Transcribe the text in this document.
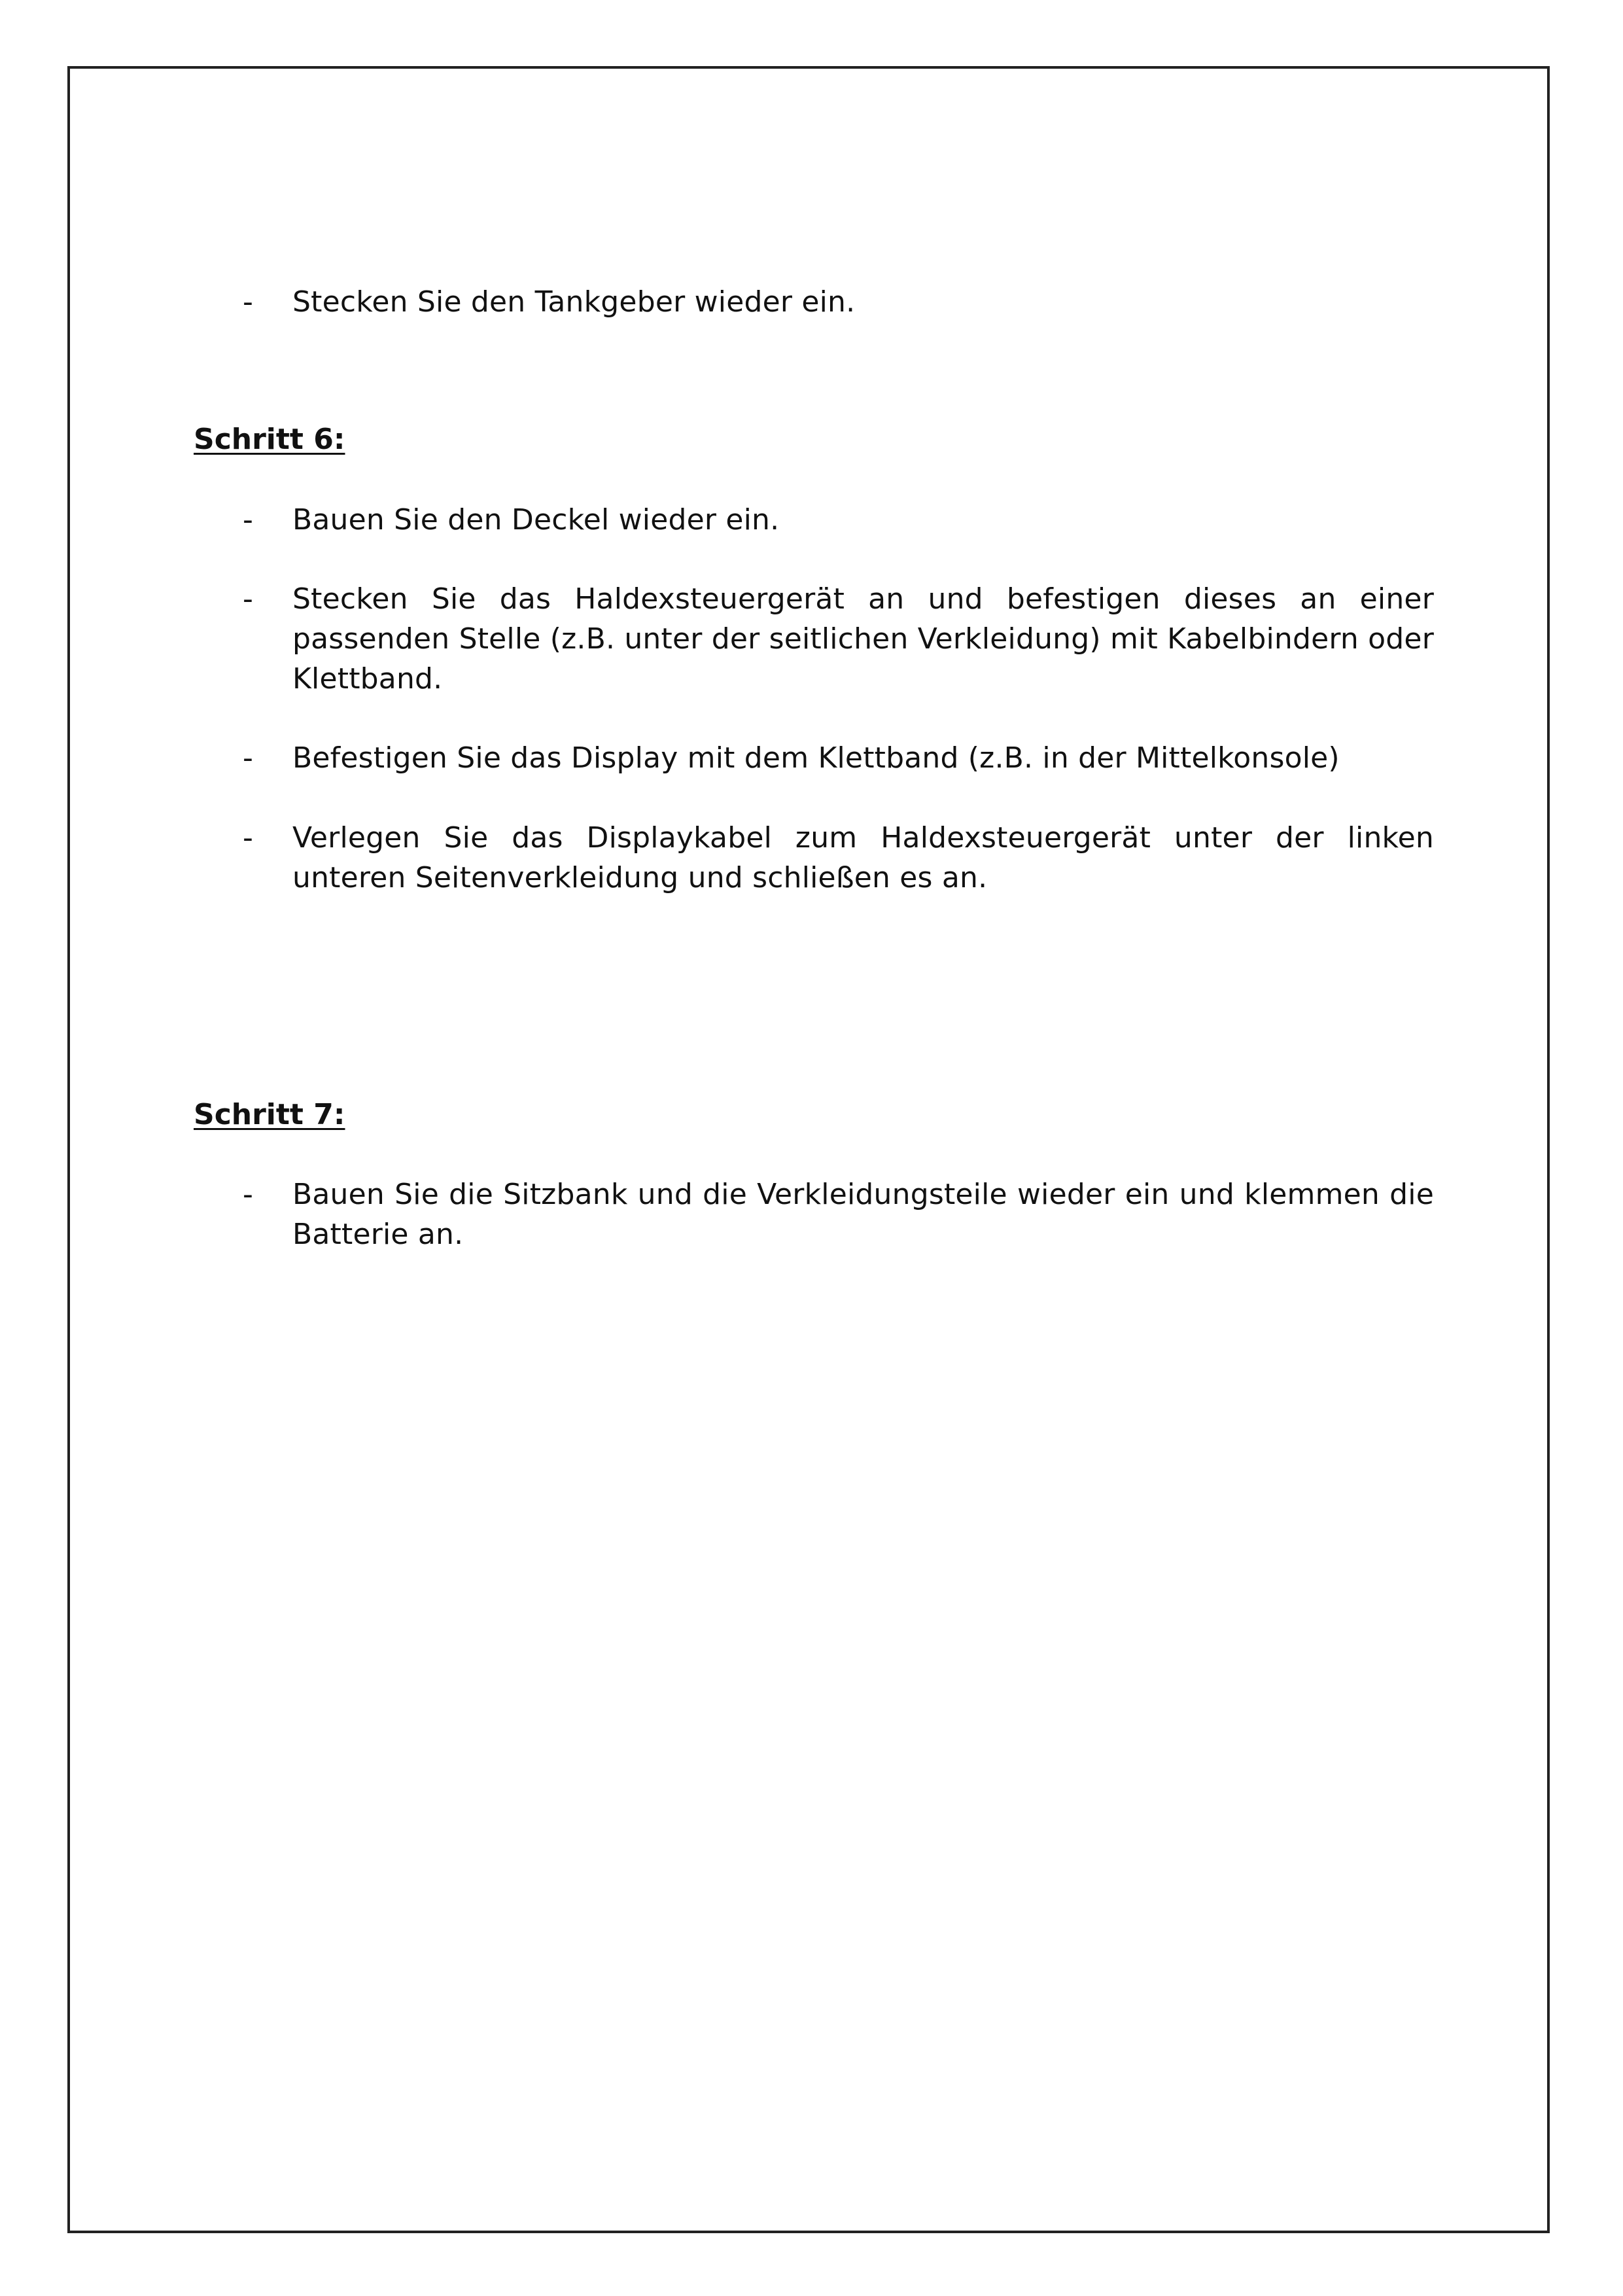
- Stecken Sie den Tankgeber wieder ein.
Schritt 6:
- Bauen Sie den Deckel wieder ein.
- Stecken Sie das Haldexsteuergerät an und befestigen dieses an einer passenden Stelle (z.B. unter der seitlichen Verkleidung) mit Kabelbindern oder Klettband.
- Befestigen Sie das Display mit dem Klettband (z.B. in der Mittelkonsole)
- Verlegen Sie das Displaykabel zum Haldexsteuergerät unter der linken unteren Seitenverkleidung und schließen es an.
Schritt 7:
- Bauen Sie die Sitzbank und die Verkleidungsteile wieder ein und klemmen die Batterie an.
